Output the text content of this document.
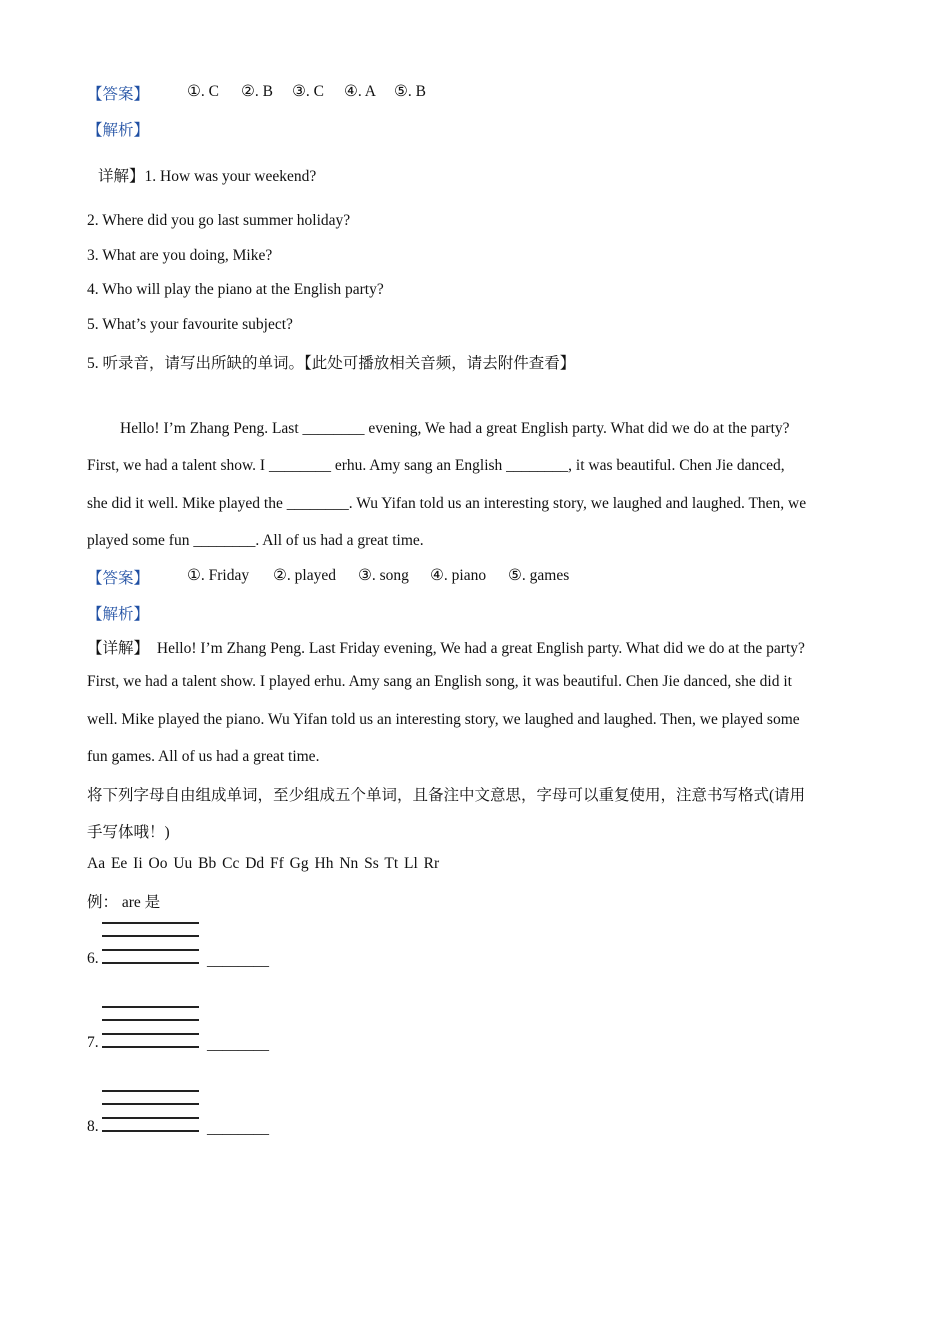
【答案】 ①. C ②. B ③. C ④. A ⑤. B
【解析】
详解】1. How was your weekend?
2. Where did you go last summer holiday?
3. What are you doing, Mike?
4. Who will play the piano at the English party?
5. What’s your favourite subject?
5. 听录音，请写出所缺的单词。【此处可播放相关音频，请去附件查看】
Hello! I’m Zhang Peng. Last ________ evening, We had a great English party. What did we do at the party?
First, we had a talent show. I ________ erhu. Amy sang an English ________, it was beautiful. Chen Jie danced,
she did it well. Mike played the ________. Wu Yifan told us an interesting story, we laughed and laughed. Then, we
played some fun ________. All of us had a great time.
【答案】 ①. Friday ②. played ③. song ④. piano ⑤. games
【解析】
【详解】 Hello! I’m Zhang Peng. Last Friday evening, We had a great English party. What did we do at the party?
First, we had a talent show. I played erhu. Amy sang an English song, it was beautiful. Chen Jie danced, she did it
well. Mike played the piano. Wu Yifan told us an interesting story, we laughed and laughed. Then, we played some
fun games. All of us had a great time.
将下列字母自由组成单词，至少组成五个单词，且备注中文意思，字母可以重复使用，注意书写格式(请用
手写体哦！)
Aa Ee Ii Oo Uu Bb Cc Dd Ff Gg Hh Nn Ss Tt Ll Rr
例： are 是
6.	________
7.	________
8.	________
